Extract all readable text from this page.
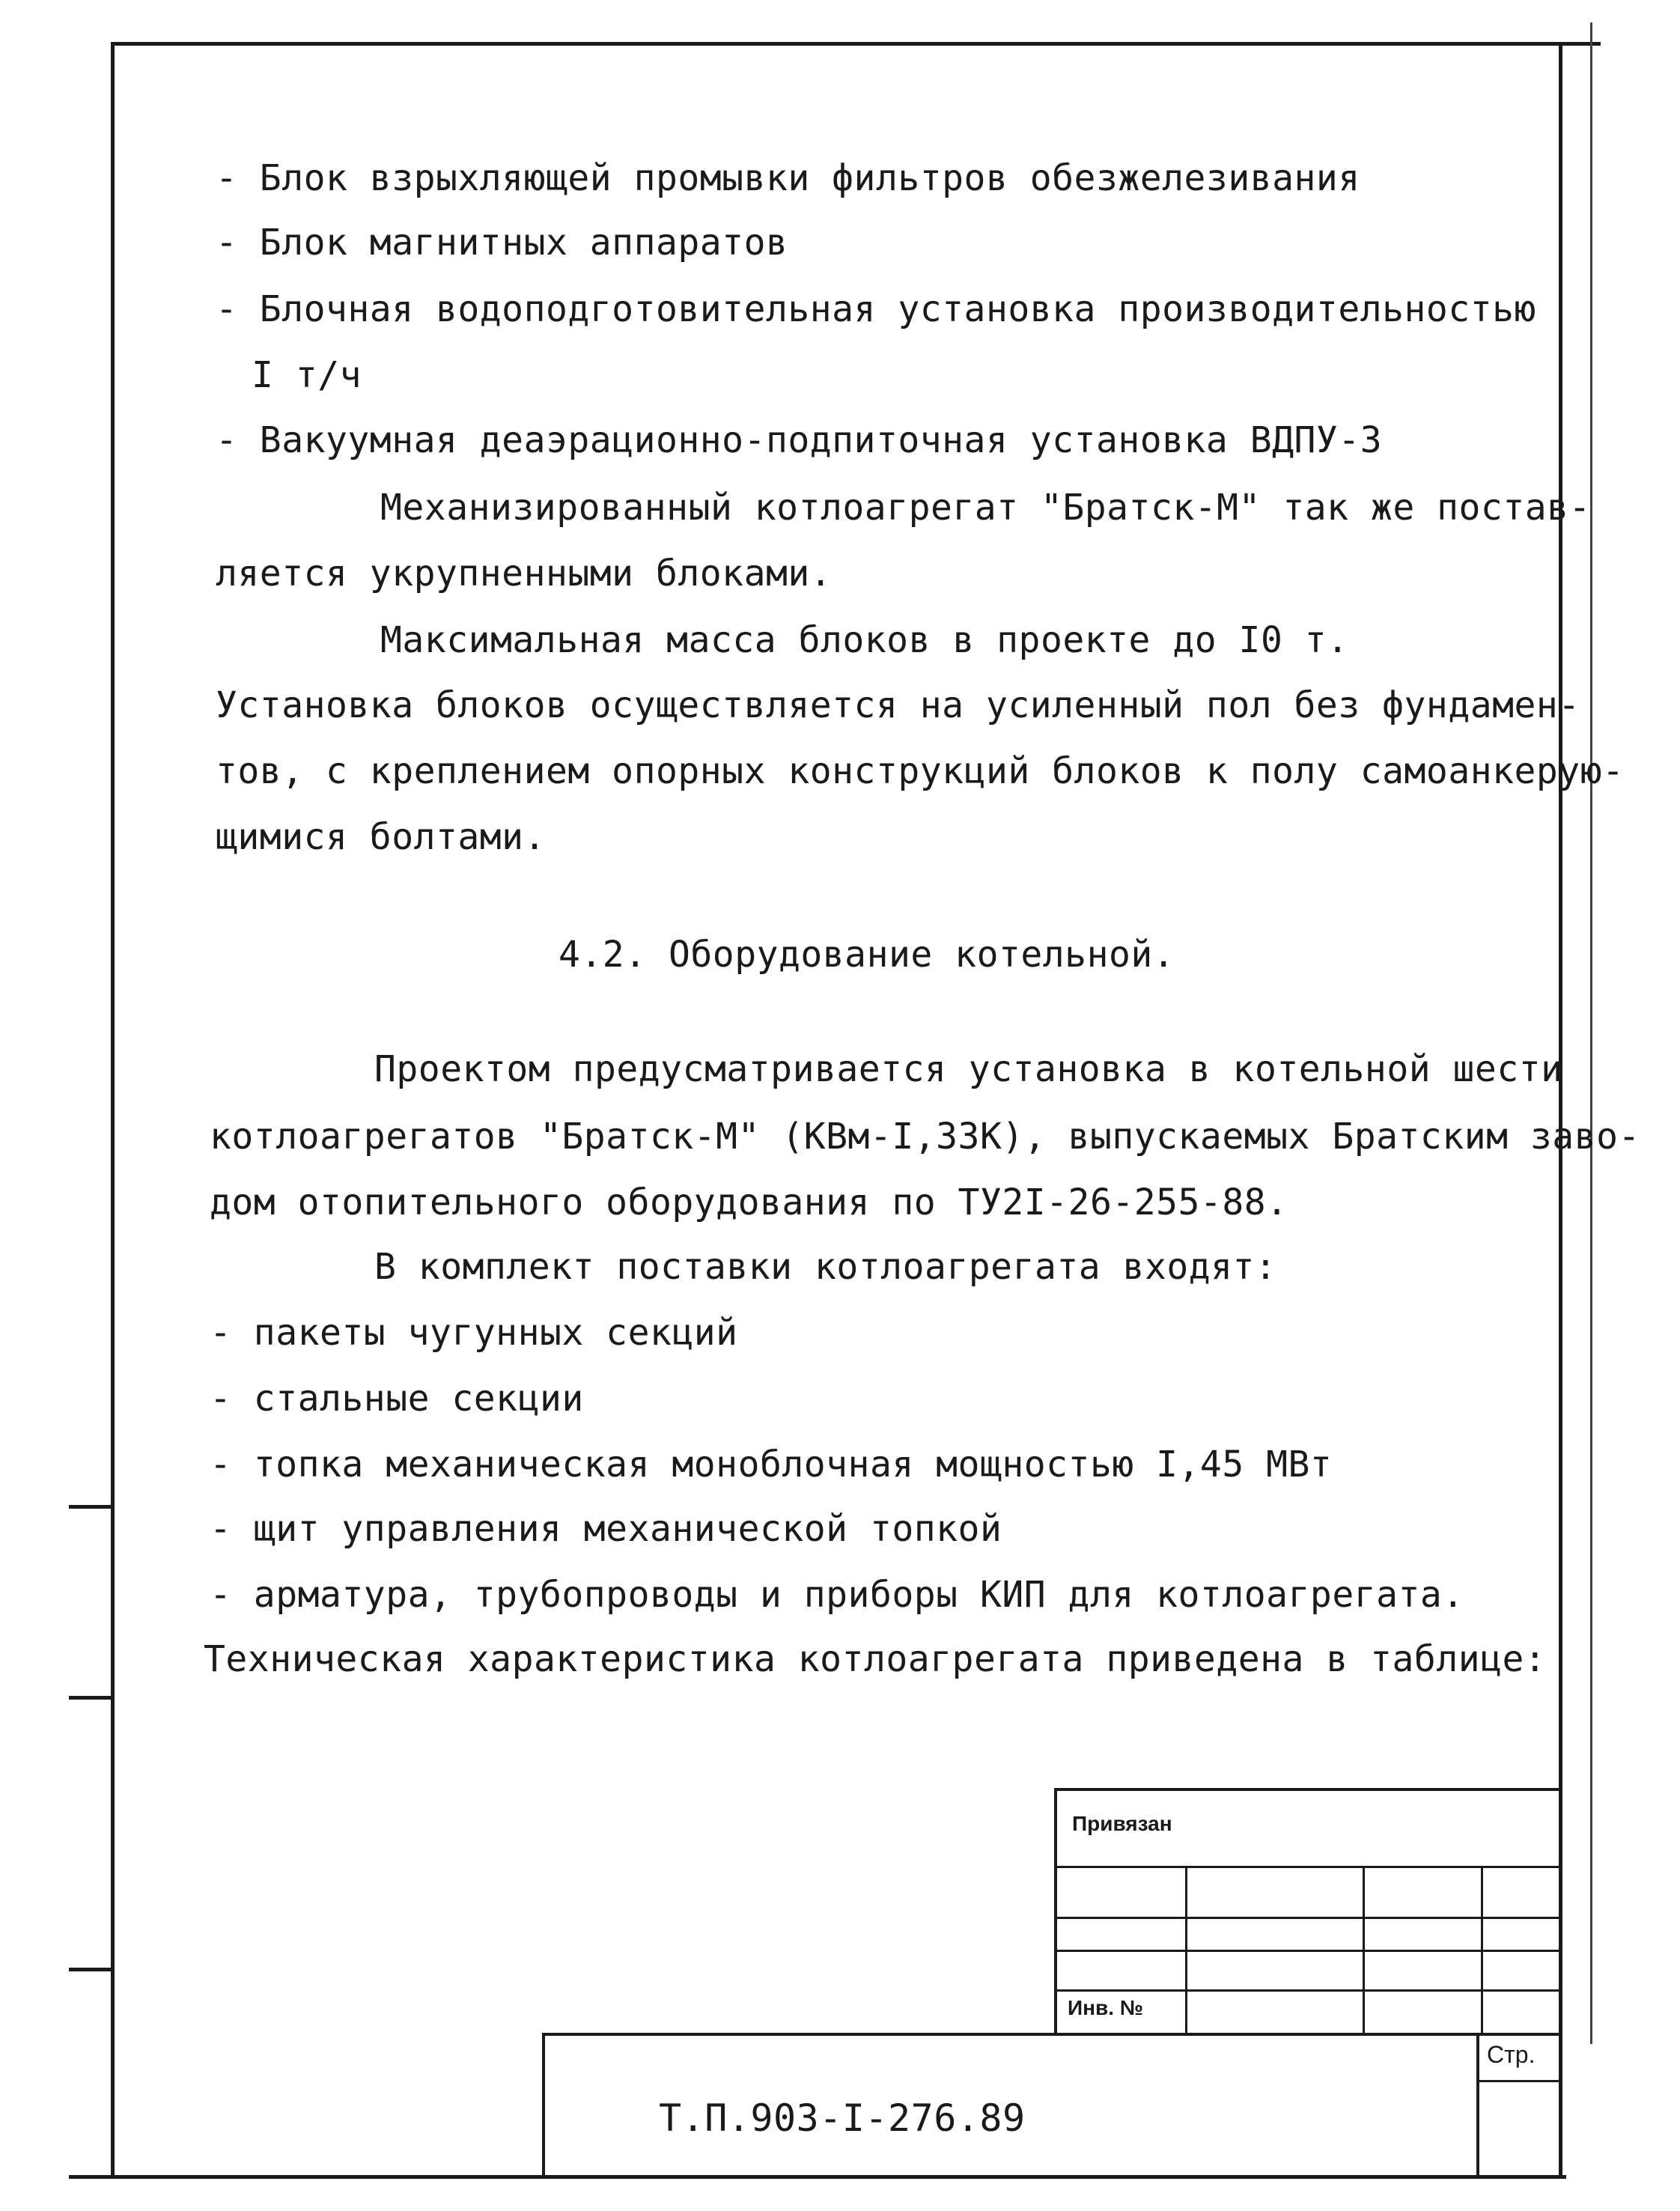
- Блок взрыхляющей промывки фильтров обезжелезивания
- Блок магнитных аппаратов
- Блочная водоподготовительная установка производительностью
I т/ч
- Вакуумная деаэрационно-подпиточная установка ВДПУ-3
Механизированный котлоагрегат "Братск-М" так же постав-
ляется укрупненными блоками.
Максимальная масса блоков в проекте до I0 т.
Установка блоков осуществляется на усиленный пол без фундамен-
тов, с креплением опорных конструкций блоков к полу самоанкерую-
щимися болтами.
4.2. Оборудование котельной.
Проектом предусматривается установка в котельной шести
котлоагрегатов "Братск-М" (КВм-I,33К), выпускаемых Братским заво-
дом отопительного оборудования по ТУ2I-26-255-88.
В комплект поставки котлоагрегата входят:
- пакеты чугунных секций
- стальные секции
- топка механическая моноблочная мощностью I,45 МВт
- щит управления механической топкой
- арматура, трубопроводы и приборы КИП для котлоагрегата.
Техническая характеристика котлоагрегата приведена в таблице:
Привязан
Инв. №
Стр.
Т.П.903-I-276.89
